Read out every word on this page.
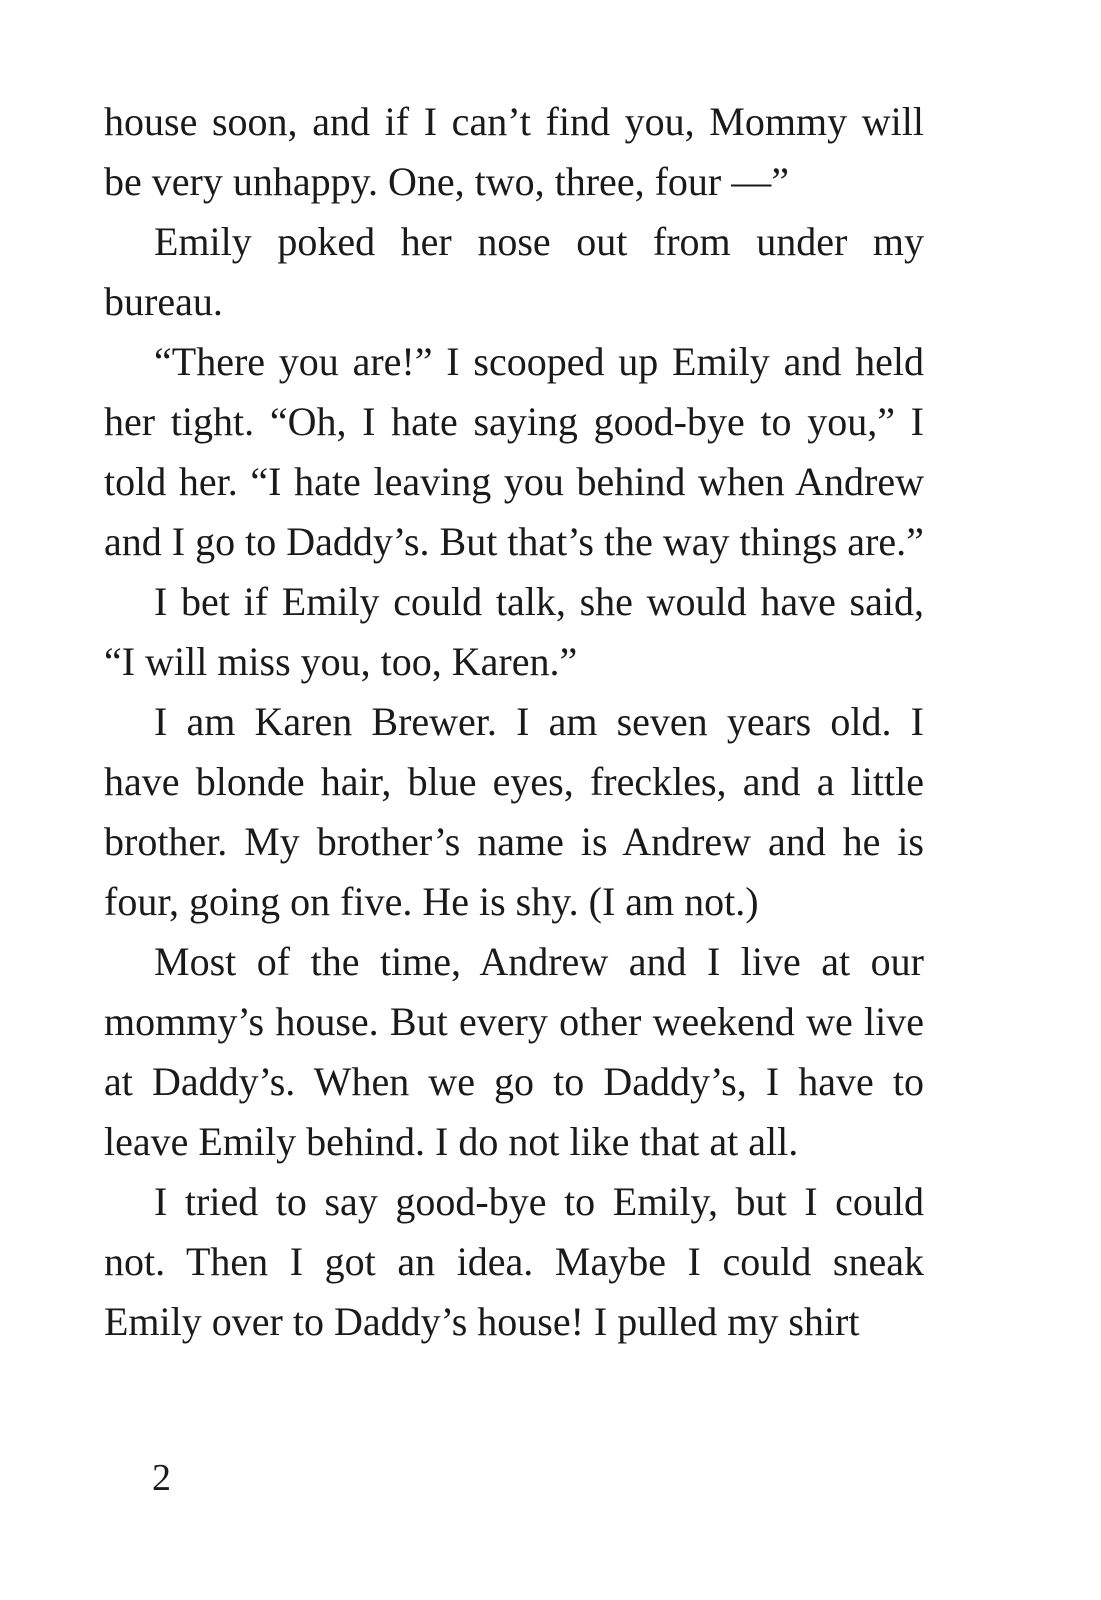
house soon, and if I can’t find you, Mommy will be very unhappy. One, two, three, four —”

Emily poked her nose out from under my bureau.

“There you are!” I scooped up Emily and held her tight. “Oh, I hate saying good-bye to you,” I told her. “I hate leaving you behind when Andrew and I go to Daddy’s. But that’s the way things are.”

I bet if Emily could talk, she would have said, “I will miss you, too, Karen.”

I am Karen Brewer. I am seven years old. I have blonde hair, blue eyes, freckles, and a little brother. My brother’s name is Andrew and he is four, going on five. He is shy. (I am not.)

Most of the time, Andrew and I live at our mommy’s house. But every other weekend we live at Daddy’s. When we go to Daddy’s, I have to leave Emily behind. I do not like that at all.

I tried to say good-bye to Emily, but I could not. Then I got an idea. Maybe I could sneak Emily over to Daddy’s house! I pulled my shirt

2
